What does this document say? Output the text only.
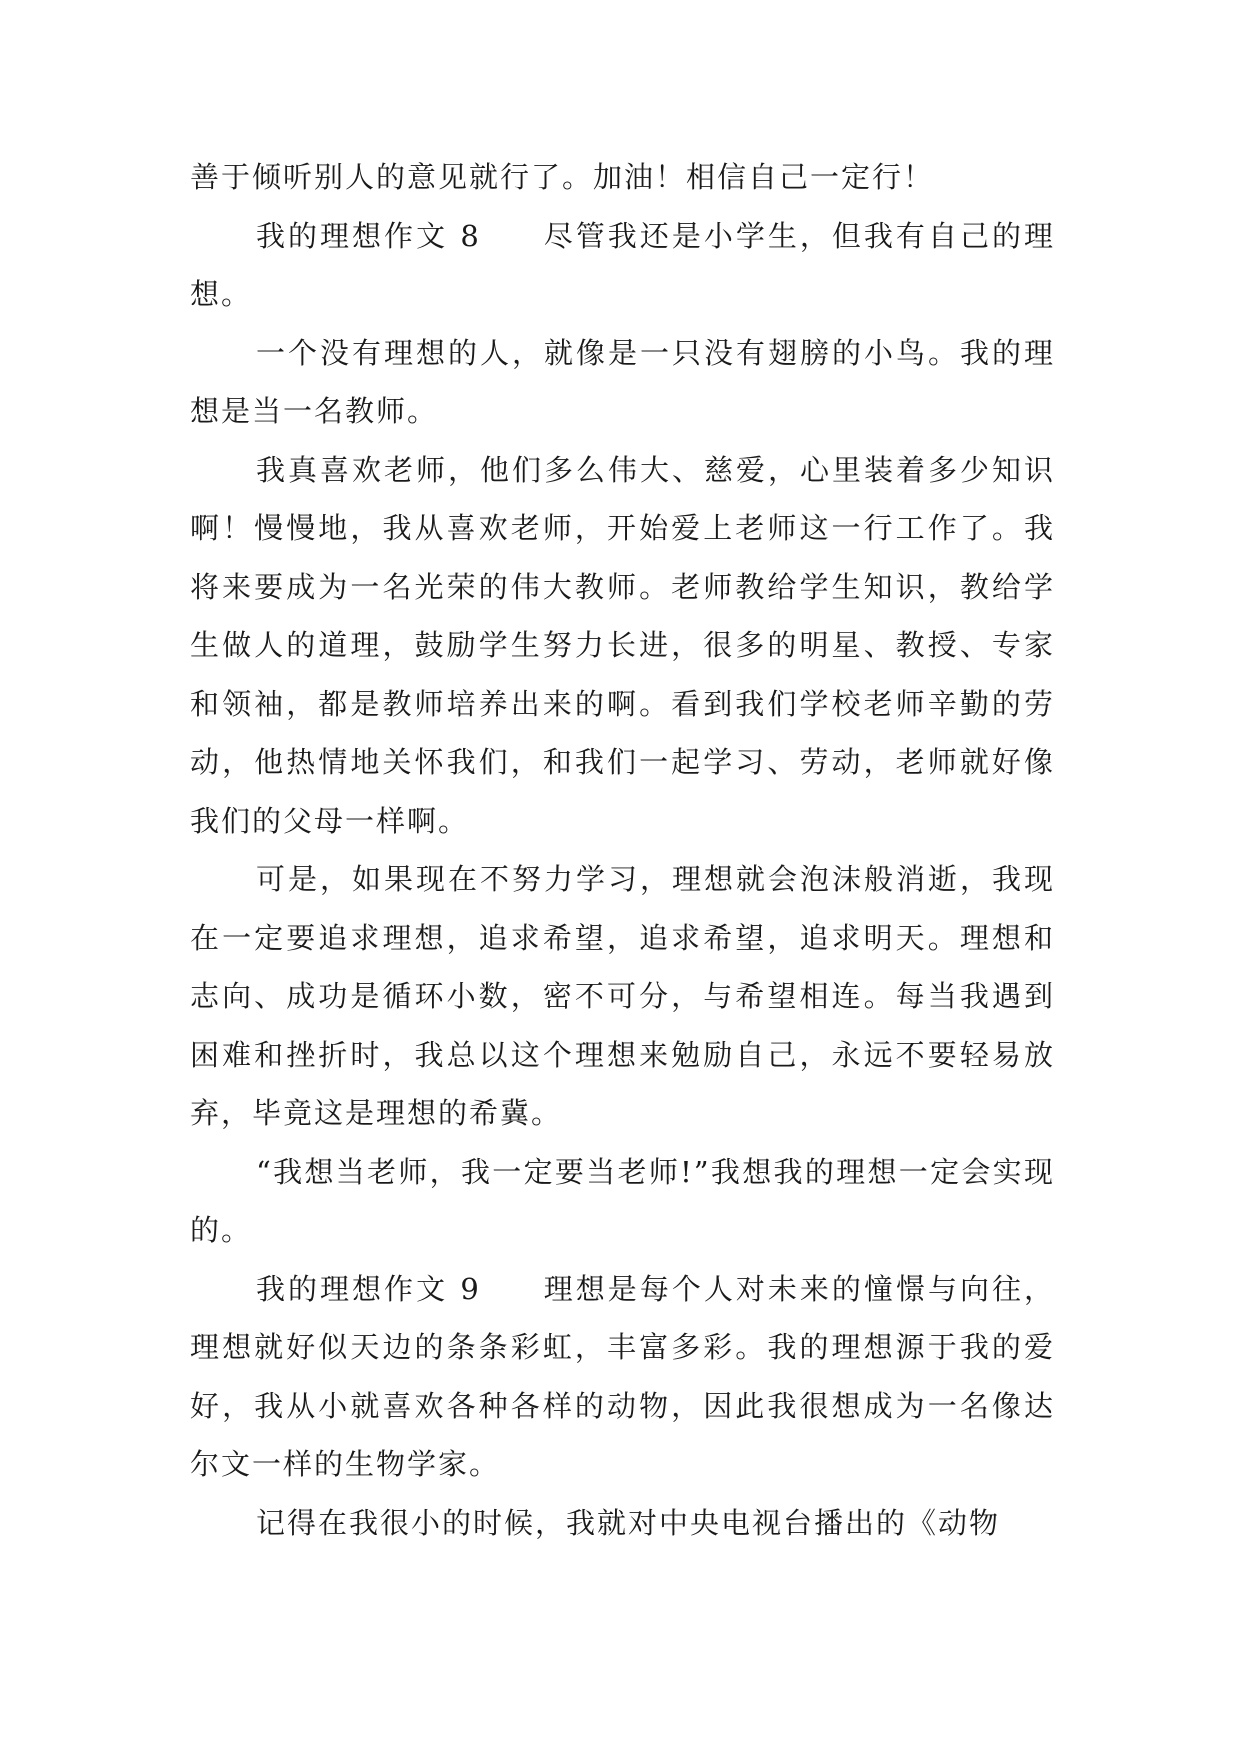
善于倾听别人的意见就行了。加油！相信自己一定行！

我的理想作文 8 尽管我还是小学生，但我有自己的理想。

一个没有理想的人，就像是一只没有翅膀的小鸟。我的理想是当一名教师。

我真喜欢老师，他们多么伟大、慈爱，心里装着多少知识啊！慢慢地，我从喜欢老师，开始爱上老师这一行工作了。我将来要成为一名光荣的伟大教师。老师教给学生知识，教给学生做人的道理，鼓励学生努力长进，很多的明星、教授、专家和领袖，都是教师培养出来的啊。看到我们学校老师辛勤的劳动，他热情地关怀我们，和我们一起学习、劳动，老师就好像我们的父母一样啊。

可是，如果现在不努力学习，理想就会泡沫般消逝，我现在一定要追求理想，追求希望，追求希望，追求明天。理想和志向、成功是循环小数，密不可分，与希望相连。每当我遇到困难和挫折时，我总以这个理想来勉励自己，永远不要轻易放弃，毕竟这是理想的希冀。

“我想当老师，我一定要当老师!”我想我的理想一定会实现的。

我的理想作文 9 理想是每个人对未来的憧憬与向往，理想就好似天边的条条彩虹，丰富多彩。我的理想源于我的爱好，我从小就喜欢各种各样的动物，因此我很想成为一名像达尔文一样的生物学家。

记得在我很小的时候，我就对中央电视台播出的《动物
